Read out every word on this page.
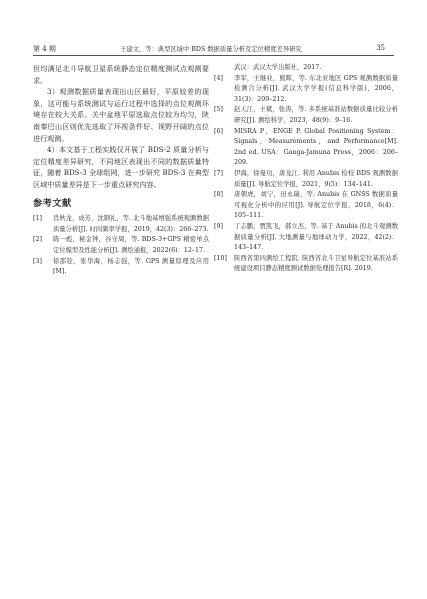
第 4 期	王建文，等：典型区域中 BDS 数据质量分析及定位精度差异研究	35

但均满足北斗导航卫星系统静态定位精度测试点观测要求。

3）观测数据质量表现出山区最好，平原较差的现象，这可能与系统测试与运行过程中选择的点位观测环境存在较大关系。关中盆地平原选取点位较为均匀，陕南秦巴山区则优先选取了环视条件好、视野开阔的点位进行观测。

4）本文基于工程实践仅开展了 BDS-2 质量分析与定位精度差异研究，不同地区表现出不同的数据质量特征，随着 BDS-3 全球组网，进一步研究 BDS-3 在典型区域中质量差异是下一步重点研究内容。

参考文献
[1]	肖秋龙，成芳，沈钢礼，等. 北斗地基增强系统观测数据质量分析[J]. 时间频率学报，2019，42(3)：266–273.
[2]	陈一彪，秘金钟，谷守周，等. BDS-3+GPS 精密单点定位模型及性能分析[J]. 测绘通报，2022(6)：12–17.
[3]	徐邵铨，张华海，杨志强，等. GPS 测量原理及应用[M].
武汉：武汉大学出版社，2017.
[4]	李军，王继业，熊晖，等. 东北亚地区 GPS 观测数据质量检测合分析[J]. 武汉大学学报(信息科学版)，2006，31(3)：209–212.
[5]	赵天江，王斌，张涛，等. 多系统基准站数据质量比较分析研究[J]. 测绘科学，2023，48(9)：9–16.
[6]	MISRA P，ENGE P. Global Positioning System：Signals，Measurements，and Performance[M]. 2nd ed. USA：Ganga-Jamuna Press，2006：206–209.
[7]	伊海，徐曼功，唐龙江. 利用 Anubis 检校 BDS 观测数据质量[J]. 导航定位学报，2021，9(5)：134–141.
[8]	唐朝虎，刘宁，田永瑞，等. Anubis 在 GNSS 数据质量可视化分析中的应用[J]. 导航定位学报，2018，6(4)：105–111.
[9]	丁志鹏，贾凯飞，郝立杰，等. 基于 Anubis 的北斗观测数据质量分析[J]. 大地测量与地球动力学，2022，42(2)：143–147.
[10]	陕西省第四测绘工程院. 陕西省北斗卫星导航定位基准站系统建设项目静态精度测试数据处理报告[R]. 2019.
